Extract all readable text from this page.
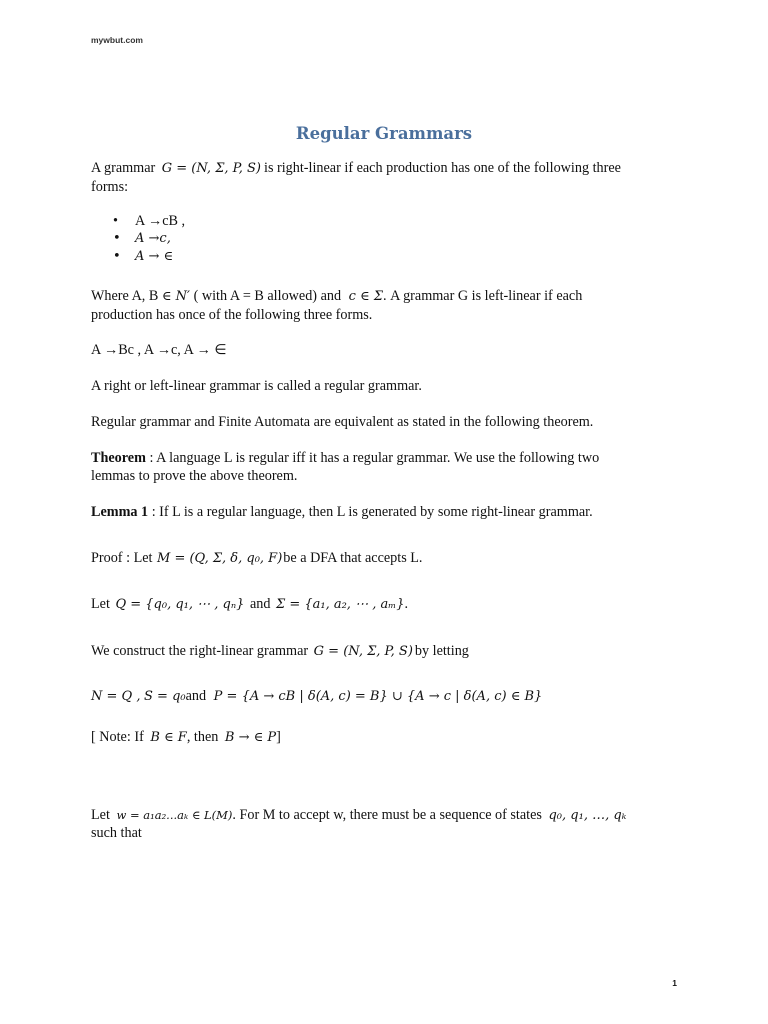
mywbut.com
Regular Grammars
A grammar G = (N, Σ, P, S) is right-linear if each production has one of the following three
forms:
• A →cB ,
• A →c,
• A → ∈
Where A, B ∈ N′ ( with A = B allowed) and c ∈ Σ. A grammar G is left-linear if each
production has once of the following three forms.
A →Bc , A →c, A → ∈
A right or left-linear grammar is called a regular grammar.
Regular grammar and Finite Automata are equivalent as stated in the following theorem.
Theorem : A language L is regular iff it has a regular grammar. We use the following two
lemmas to prove the above theorem.
Lemma 1 : If L is a regular language, then L is generated by some right-linear grammar.
Proof : Let M = (Q, Σ, δ, q₀, F)be a DFA that accepts L.
Let Q = {q₀, q₁, ⋯ , qₙ} and Σ = {a₁, a₂, ⋯ , aₘ}.
We construct the right-linear grammar G = (N, Σ, P, S) by letting
N = Q , S = q₀and P = {A → cB | δ(A, c) = B} ∪ {A → c | δ(A, c) ∈ B}
[ Note: If B ∈ F, then B → ∈ P]
Let w = a₁a₂...aₖ ∈ L(M). For M to accept w, there must be a sequence of states q₀, q₁, …, qₖ
such that
1
